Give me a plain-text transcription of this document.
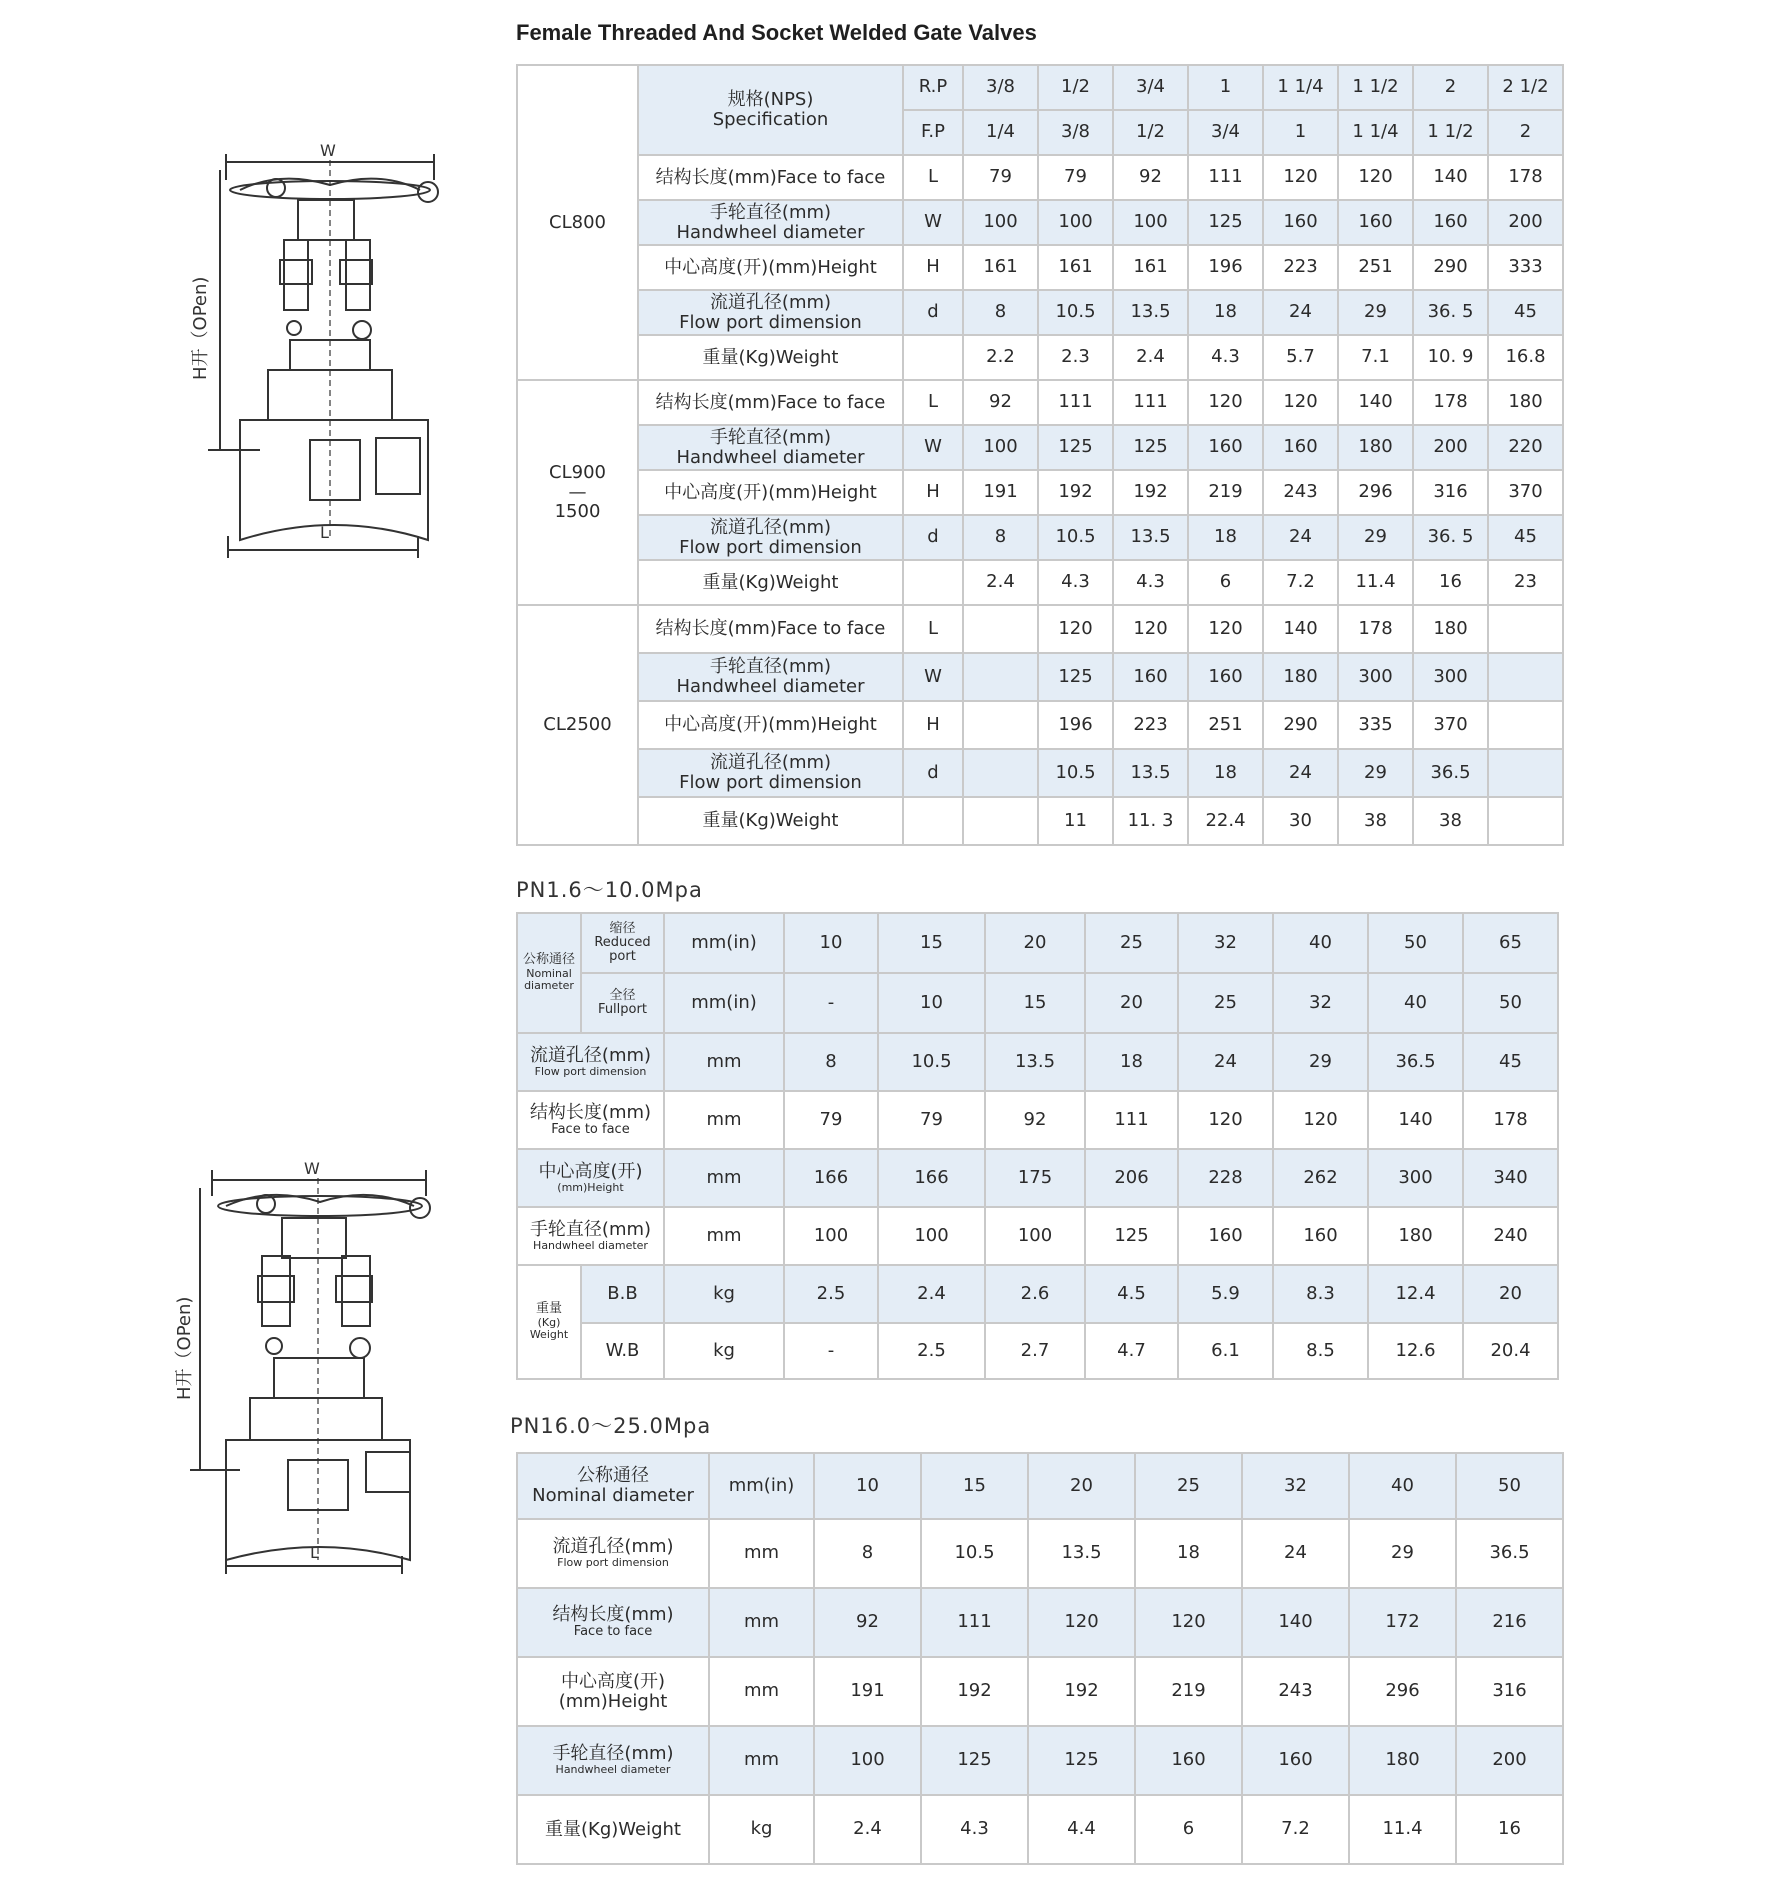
Female Threaded And Socket Welded Gate Valves
W
L
H开（OPen)
W
L
H开（OPen)
CL800	规格(NPS)
Specification	R.P	3/8	1/2	3/4	1	1 1/4	1 1/2	2	2 1/2
		F.P	1/4	3/8	1/2	3/4	1	1 1/4	1 1/2	2

	结构长度(mm)Face to face	L	79	79	92	111	120	120	140	178

	手轮直径(mm)
Handwheel diameter	W	100	100	100	125	160	160	160	200

	中心高度(开)(mm)Height	H	161	161	161	196	223	251	290	333

	流道孔径(mm)
Flow port dimension	d	8	10.5	13.5	18	24	29	36. 5	45

	重量(Kg)Weight		2.2	2.3	2.4	4.3	5.7	7.1	10. 9	16.8

CL900
—
1500	结构长度(mm)Face to face	L	92	111	111	120	120	140	178	180

	手轮直径(mm)
Handwheel diameter	W	100	125	125	160	160	180	200	220

	中心高度(开)(mm)Height	H	191	192	192	219	243	296	316	370

	流道孔径(mm)
Flow port dimension	d	8	10.5	13.5	18	24	29	36. 5	45

	重量(Kg)Weight		2.4	4.3	4.3	6	7.2	11.4	16	23

CL2500	结构长度(mm)Face to face	L		120	120	120	140	178	180	

	手轮直径(mm)
Handwheel diameter	W		125	160	160	180	300	300	

	中心高度(开)(mm)Height	H		196	223	251	290	335	370	

	流道孔径(mm)
Flow port dimension	d		10.5	13.5	18	24	29	36.5	

	重量(Kg)Weight			11	11. 3	22.4	30	38	38	
PN1.6～10.0Mpa
公称通径
Nominal
diameter	缩径
Reduced
port	mm(in)	10	15	20	25	32	40	50	65

	全径
Fullport	mm(in)	-	10	15	20	25	32	40	50

流道孔径(mm)
Flow port dimension		mm	8	10.5	13.5	18	24	29	36.5	45

结构长度(mm)
Face to face		mm	79	79	92	111	120	120	140	178

中心高度(开)
(mm)Height		mm	166	166	175	206	228	262	300	340

手轮直径(mm)
Handwheel diameter		mm	100	100	100	125	160	160	180	240

重量
(Kg)
Weight	B.B	kg	2.5	2.4	2.6	4.5	5.9	8.3	12.4	20
	W.B	kg	-	2.5	2.7	4.7	6.1	8.5	12.6	20.4
PN16.0～25.0Mpa
公称通径
Nominal diameter	mm(in)	10	15	20	25	32	40	50

流道孔径(mm)
Flow port dimension	mm	8	10.5	13.5	18	24	29	36.5

结构长度(mm)
Face to face	mm	92	111	120	120	140	172	216

中心高度(开)
(mm)Height	mm	191	192	192	219	243	296	316

手轮直径(mm)
Handwheel diameter	mm	100	125	125	160	160	180	200

重量(Kg)Weight	kg	2.4	4.3	4.4	6	7.2	11.4	16
